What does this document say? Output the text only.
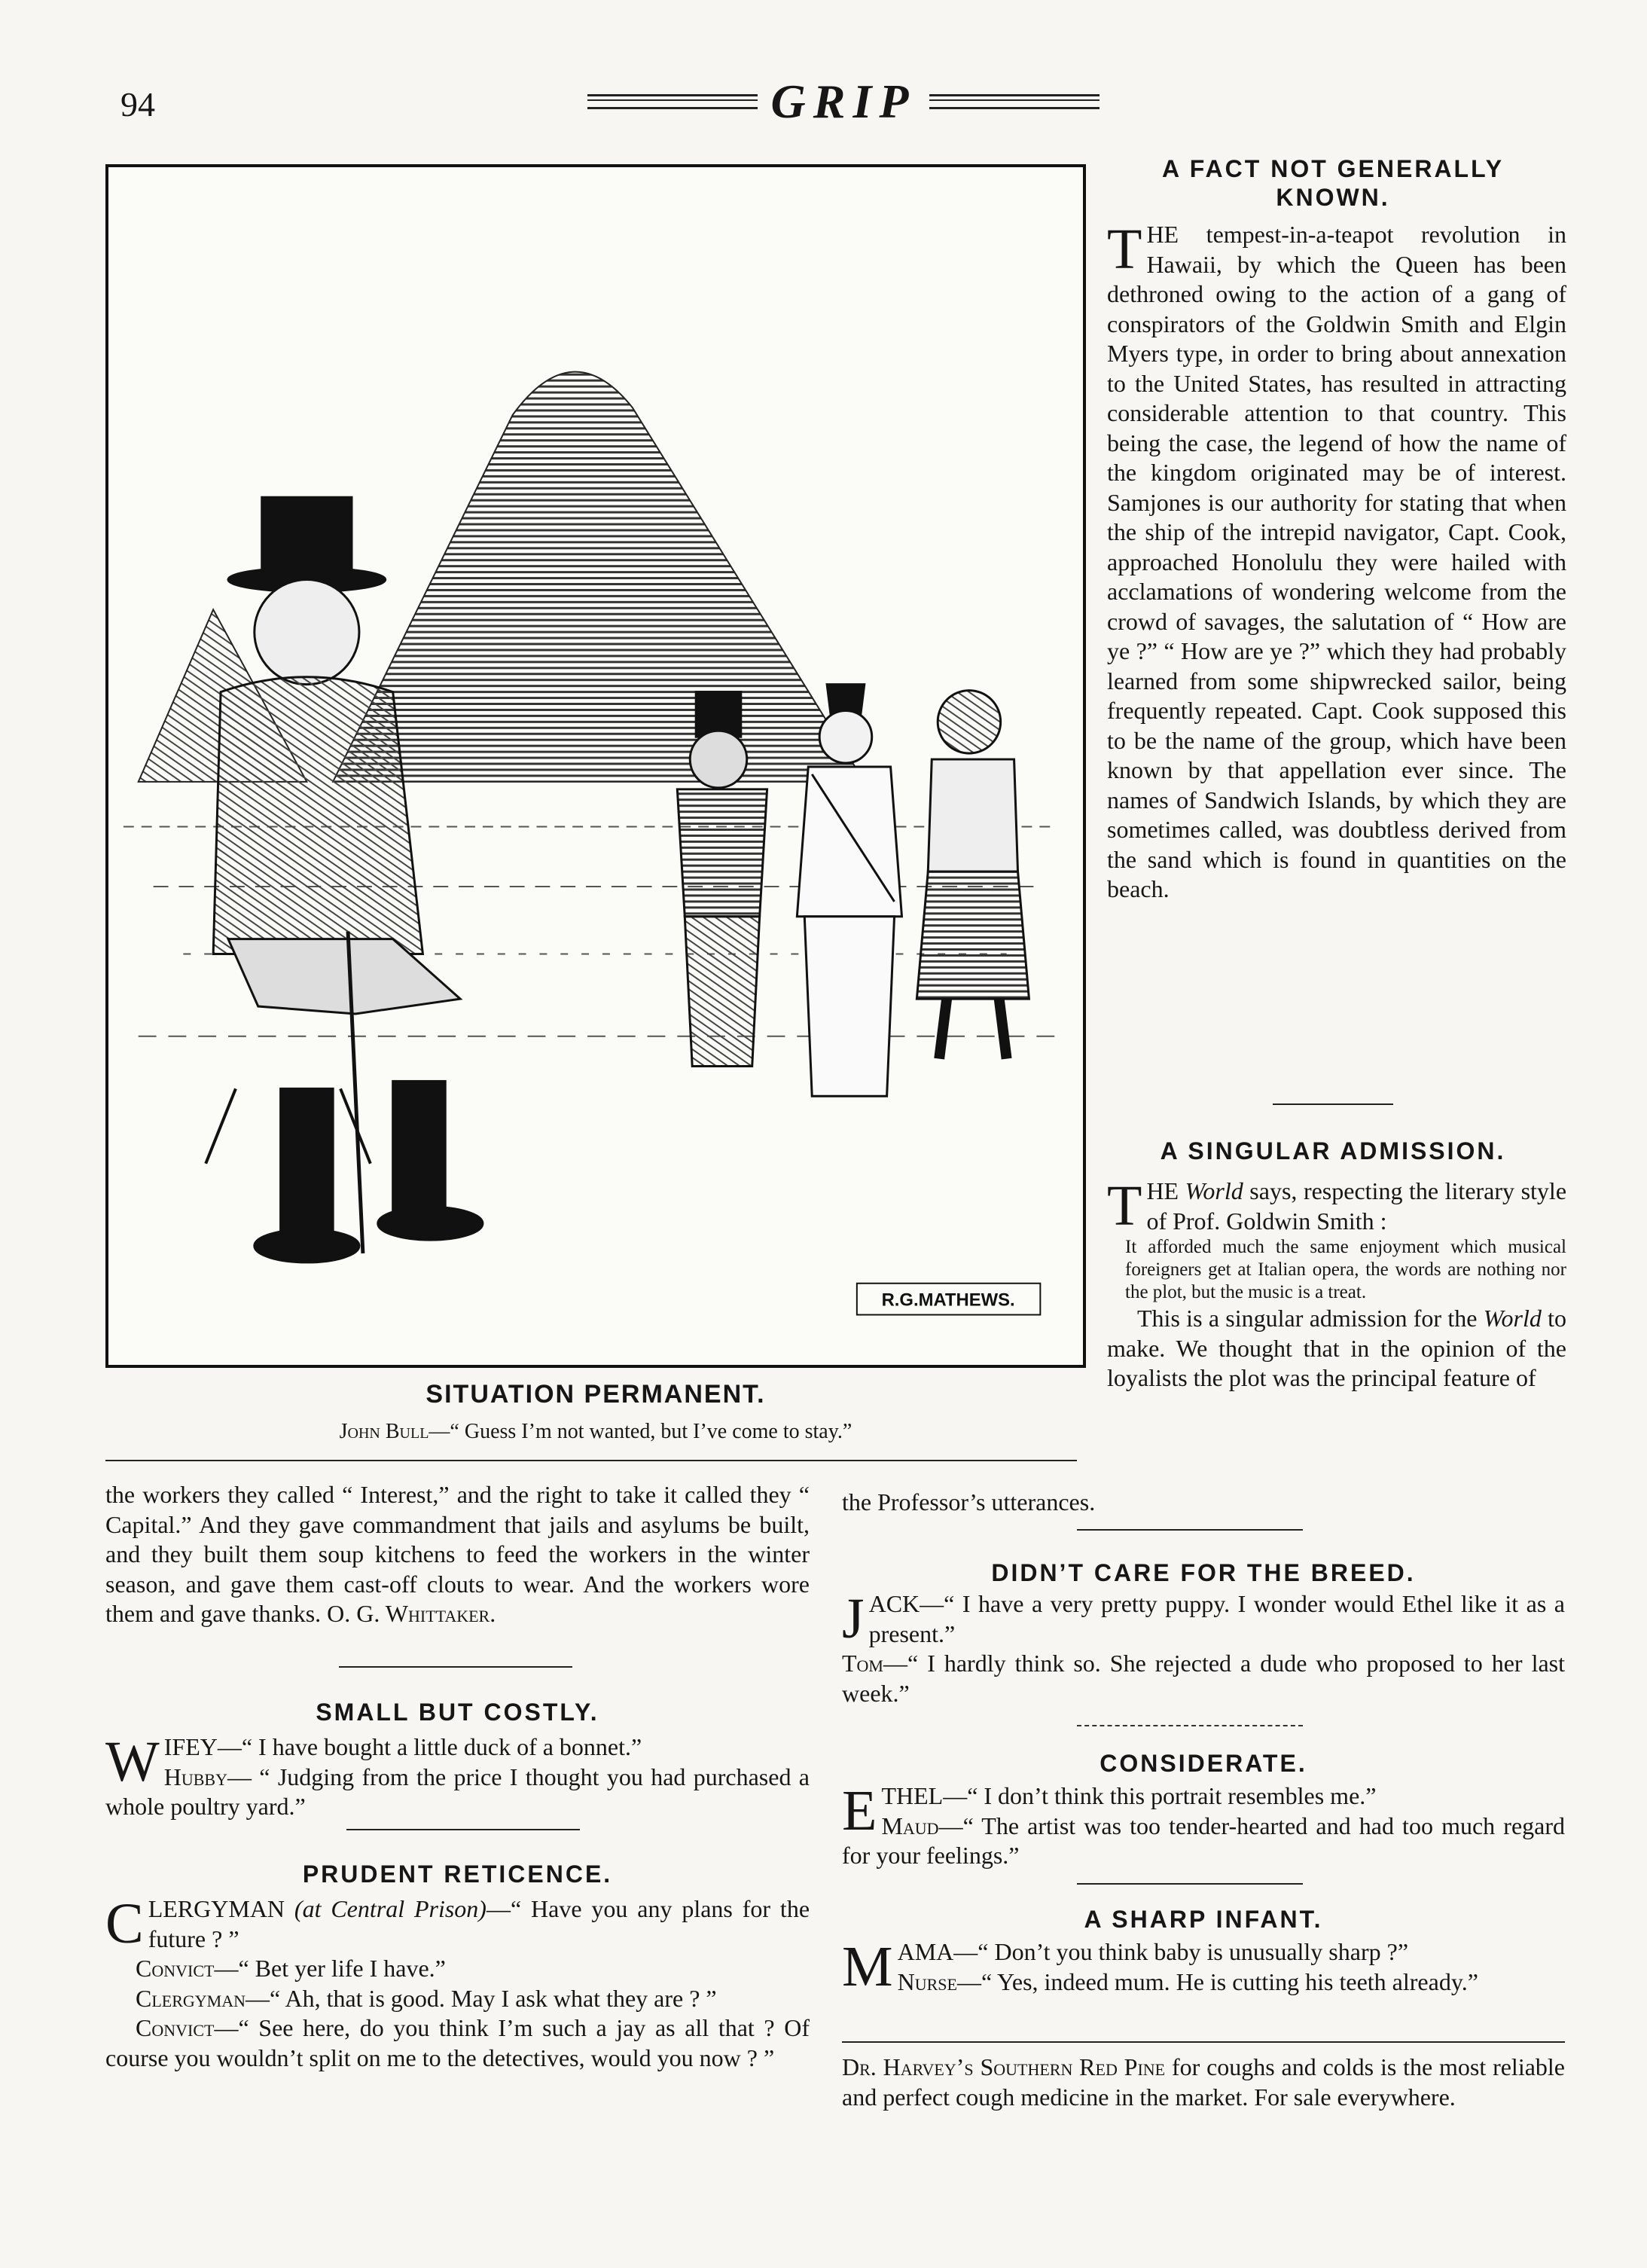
94	GRIP
R.G.MATHEWS.
SITUATION PERMANENT.
John Bull—“ Guess I’m not wanted, but I’ve come to stay.”
A FACT NOT GENERALLY KNOWN.

THE tempest-in-a-teapot revolution in Hawaii, by which the Queen has been dethroned owing to the action of a gang of conspirators of the Goldwin Smith and Elgin Myers type, in order to bring about annexation to the United States, has resulted in attracting considerable attention to that country. This being the case, the legend of how the name of the kingdom originated may be of interest. Samjones is our authority for stating that when the ship of the intrepid navigator, Capt. Cook, approached Honolulu they were hailed with acclamations of wondering welcome from the crowd of savages, the salutation of “ How are ye ?” “ How are ye ?” which they had probably learned from some shipwrecked sailor, being frequently repeated. Capt. Cook supposed this to be the name of the group, which have been known by that appellation ever since. The names of Sandwich Islands, by which they are sometimes called, was doubtless derived from the sand which is found in quantities on the beach.

A SINGULAR ADMISSION.

THE World says, respecting the literary style of Prof. Goldwin Smith :

It afforded much the same enjoyment which musical foreigners get at Italian opera, the words are nothing nor the plot, but the music is a treat.

This is a singular admission for the World to make. We thought that in the opinion of the loyalists the plot was the principal feature of

the Professor’s utterances.

the workers they called “ Interest,” and the right to take it called they “ Capital.” And they gave commandment that jails and asylums be built, and they built them soup kitchens to feed the workers in the winter season, and gave them cast-off clouts to wear. And the workers wore them and gave thanks. O. G. Whittaker.

SMALL BUT COSTLY.

WIFEY—“ I have bought a little duck of a bonnet.”
Hubby— “ Judging from the price I thought you had purchased a whole poultry yard.”

PRUDENT RETICENCE.

CLERGYMAN (at Central Prison)—“ Have you any plans for the future ? ”

Convict—“ Bet yer life I have.”

Clergyman—“ Ah, that is good. May I ask what they are ? ”

Convict—“ See here, do you think I’m such a jay as all that ? Of course you wouldn’t split on me to the detectives, would you now ? ”

DIDN’T CARE FOR THE BREED.

JACK—“ I have a very pretty puppy. I wonder would Ethel like it as a present.”
Tom—“ I hardly think so. She rejected a dude who proposed to her last week.”

CONSIDERATE.

ETHEL—“ I don’t think this portrait resembles me.”
Maud—“ The artist was too tender-hearted and had too much regard for your feelings.”

A SHARP INFANT.

MAMA—“ Don’t you think baby is unusually sharp ?”
Nurse—“ Yes, indeed mum. He is cutting his teeth already.”

Dr. Harvey’s Southern Red Pine for coughs and colds is the most reliable and perfect cough medicine in the market. For sale everywhere.
